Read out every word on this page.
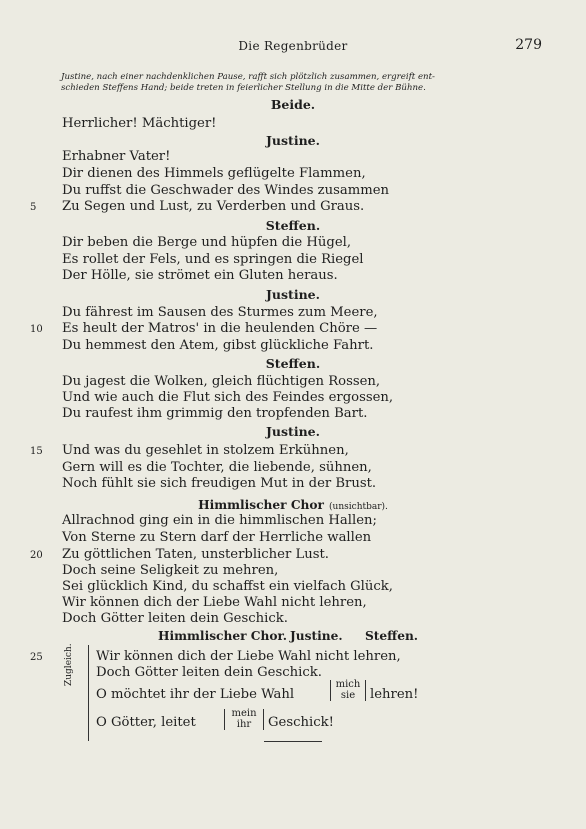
Die Regenbrüder	279
Justine, nach einer nachdenklichen Pause, rafft sich plötzlich zusammen, ergreift ent-
schieden Steffens Hand; beide treten in feierlicher Stellung in die Mitte der Bühne.
Beide.
Herrlicher! Mächtiger!
Justine.
Erhabner Vater!
Dir dienen des Himmels geflügelte Flammen,
Du ruffst die Geschwader des Windes zusammen
5 Zu Segen und Lust, zu Verderben und Graus.
Steffen.
Dir beben die Berge und hüpfen die Hügel,
Es rollet der Fels, und es springen die Riegel
Der Hölle, sie strömet ein Gluten heraus.
Justine.
Du fährest im Sausen des Sturmes zum Meere,
10 Es heult der Matros' in die heulenden Chöre —
Du hemmest den Atem, gibst glückliche Fahrt.
Steffen.
Du jagest die Wolken, gleich flüchtigen Rossen,
Und wie auch die Flut sich des Feindes ergossen,
Du raufest ihm grimmig den tropfenden Bart.
Justine.
15 Und was du gesehlet in stolzem Erkühnen,
Gern will es die Tochter, die liebende, sühnen,
Noch fühlt sie sich freudigen Mut in der Brust.
Himmlischer Chor (unsichtbar).
Allrachnod ging ein in die himmlischen Hallen;
Von Sterne zu Stern darf der Herrliche wallen
20 Zu göttlichen Taten, unsterblicher Lust.
Doch seine Seligkeit zu mehren,
Sei glücklich Kind, du schaffst ein vielfach Glück,
Wir können dich der Liebe Wahl nicht lehren,
Doch Götter leiten dein Geschick.
Himmlischer Chor. Justine. Steffen.
Zugleich.
25	Wir können dich der Liebe Wahl nicht lehren,
Doch Götter leiten dein Geschick.
O möchtet ihr der Liebe Wahl
mich
sie	lehren!
O Götter, leitet
mein
ihr	Geschick!
